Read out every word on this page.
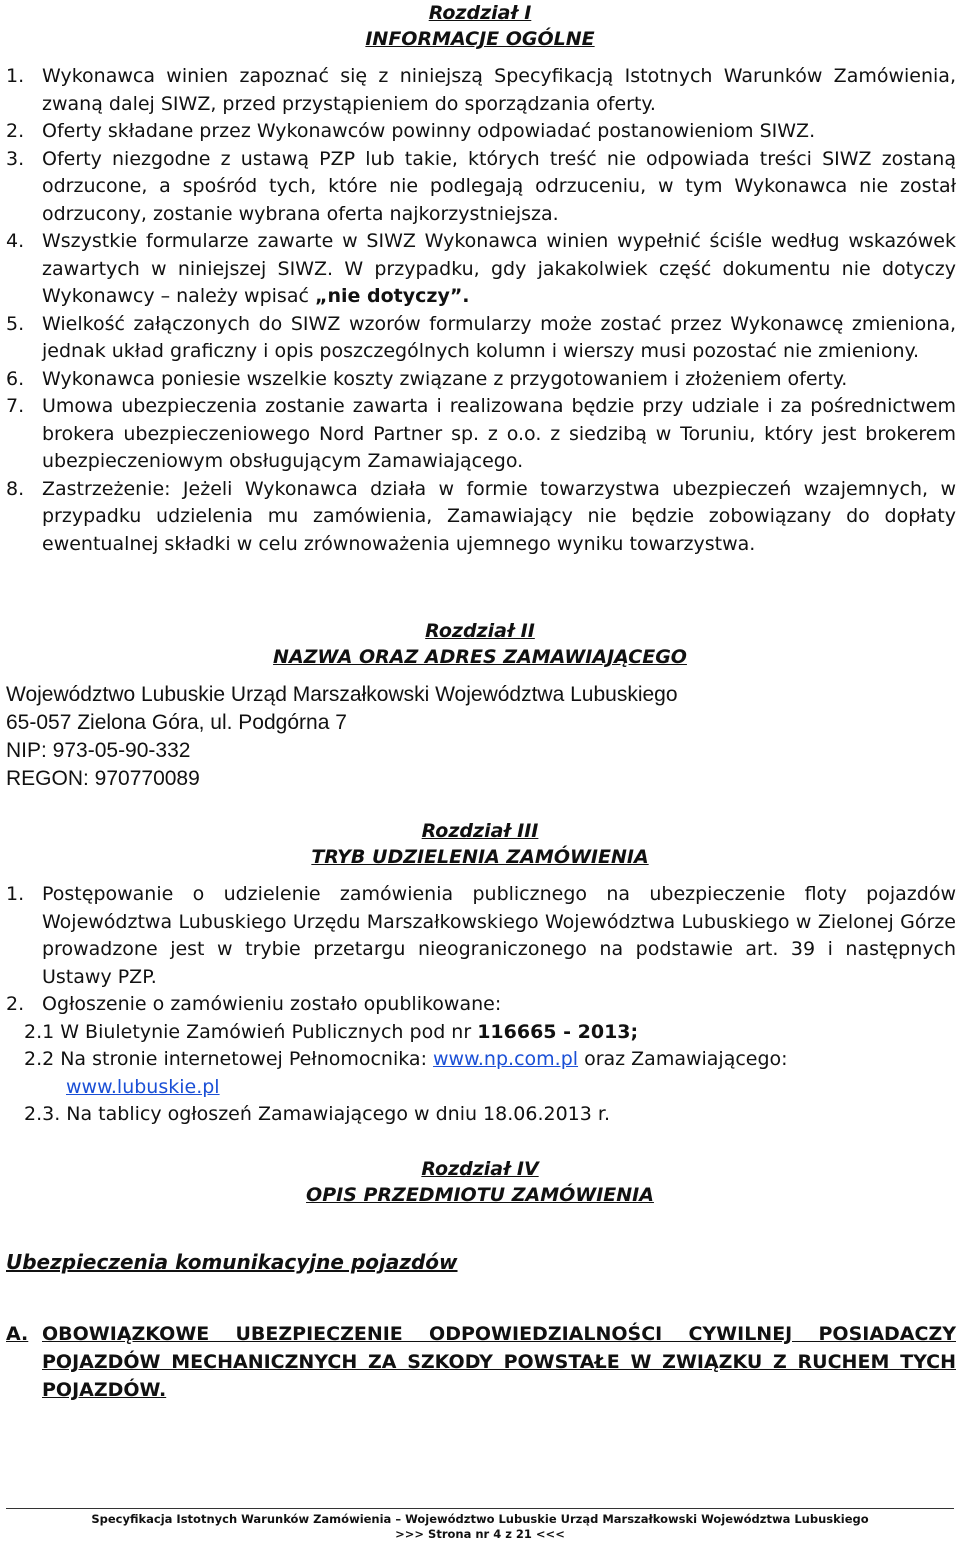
Rozdział I

INFORMACJE OGÓLNE

1. Wykonawca winien zapoznać się z niniejszą Specyfikacją Istotnych Warunków Zamówienia, zwaną dalej SIWZ, przed przystąpieniem do sporządzania oferty.
2. Oferty składane przez Wykonawców powinny odpowiadać postanowieniom SIWZ.
3. Oferty niezgodne z ustawą PZP lub takie, których treść nie odpowiada treści SIWZ zostaną odrzucone, a spośród tych, które nie podlegają odrzuceniu, w tym Wykonawca nie został odrzucony, zostanie wybrana oferta najkorzystniejsza.
4. Wszystkie formularze zawarte w SIWZ Wykonawca winien wypełnić ściśle według wskazówek zawartych w niniejszej SIWZ. W przypadku, gdy jakakolwiek część dokumentu nie dotyczy Wykonawcy – należy wpisać „nie dotyczy”.
5. Wielkość załączonych do SIWZ wzorów formularzy może zostać przez Wykonawcę zmieniona, jednak układ graficzny i opis poszczególnych kolumn i wierszy musi pozostać nie zmieniony.
6. Wykonawca poniesie wszelkie koszty związane z przygotowaniem i złożeniem oferty.
7. Umowa ubezpieczenia zostanie zawarta i realizowana będzie przy udziale i za pośrednictwem brokera ubezpieczeniowego Nord Partner sp. z o.o. z siedzibą w Toruniu, który jest brokerem ubezpieczeniowym obsługującym Zamawiającego.
8. Zastrzeżenie: Jeżeli Wykonawca działa w formie towarzystwa ubezpieczeń wzajemnych, w przypadku udzielenia mu zamówienia, Zamawiający nie będzie zobowiązany do dopłaty ewentualnej składki w celu zrównoważenia ujemnego wyniku towarzystwa.

Rozdział II

NAZWA ORAZ ADRES ZAMAWIAJĄCEGO

Województwo Lubuskie Urząd Marszałkowski Województwa Lubuskiego
65-057 Zielona Góra, ul. Podgórna 7
NIP: 973-05-90-332
REGON: 970770089

Rozdział III

TRYB UDZIELENIA ZAMÓWIENIA

1. Postępowanie o udzielenie zamówienia publicznego na ubezpieczenie floty pojazdów Województwa Lubuskiego Urzędu Marszałkowskiego Województwa Lubuskiego w Zielonej Górze prowadzone jest w trybie przetargu nieograniczonego na podstawie art. 39 i następnych Ustawy PZP.
2. Ogłoszenie o zamówieniu zostało opublikowane:
2.1 W Biuletynie Zamówień Publicznych pod nr 116665 - 2013;
2.2 Na stronie internetowej Pełnomocnika: www.np.com.pl oraz Zamawiającego:
www.lubuskie.pl
2.3. Na tablicy ogłoszeń Zamawiającego w dniu 18.06.2013 r.

Rozdział IV

OPIS PRZEDMIOTU ZAMÓWIENIA

Ubezpieczenia komunikacyjne pojazdów
A. OBOWIĄZKOWE UBEZPIECZENIE ODPOWIEDZIALNOŚCI CYWILNEJ POSIADACZY POJAZDÓW MECHANICZNYCH ZA SZKODY POWSTAŁE W ZWIĄZKU Z RUCHEM TYCH POJAZDÓW.
Specyfikacja Istotnych Warunków Zamówienia – Województwo Lubuskie Urząd Marszałkowski Województwa Lubuskiego
>>> Strona nr 4 z 21 <<<
